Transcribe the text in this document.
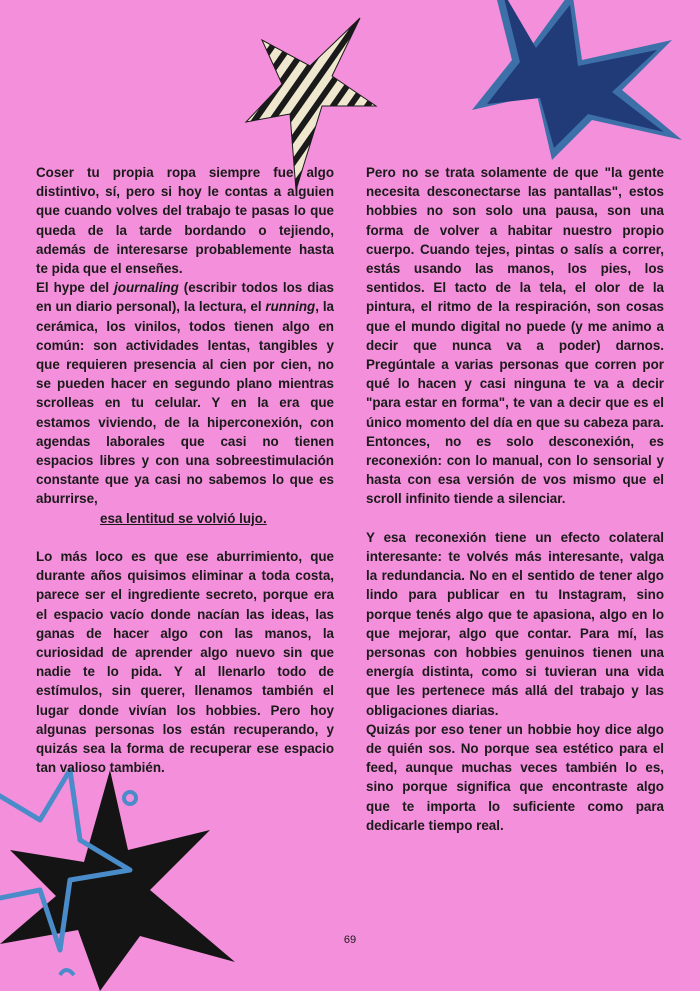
Coser tu propia ropa siempre fue algo distintivo, sí, pero si hoy le contas a alguien que cuando volves del trabajo te pasas lo que queda de la tarde bordando o tejiendo, además de interesarse probablemente hasta te pida que el enseñes.

El hype del journaling (escribir todos los dias en un diario personal), la lectura, el running, la cerámica, los vinilos, todos tienen algo en común: son actividades lentas, tangibles y que requieren presencia al cien por cien, no se pueden hacer en segundo plano mientras scrolleas en tu celular. Y en la era que estamos viviendo, de la hiperconexión, con agendas laborales que casi no tienen espacios libres y con una sobreestimulación constante que ya casi no sabemos lo que es aburrirse,

esa lentitud se volvió lujo.

Lo más loco es que ese aburrimiento, que durante años quisimos eliminar a toda costa, parece ser el ingrediente secreto, porque era el espacio vacío donde nacían las ideas, las ganas de hacer algo con las manos, la curiosidad de aprender algo nuevo sin que nadie te lo pida. Y al llenarlo todo de estímulos, sin querer, llenamos también el lugar donde vivían los hobbies. Pero hoy algunas personas los están recuperando, y quizás sea la forma de recuperar ese espacio tan valioso también.

Pero no se trata solamente de que "la gente necesita desconectarse las pantallas", estos hobbies no son solo una pausa, son una forma de volver a habitar nuestro propio cuerpo. Cuando tejes, pintas o salís a correr, estás usando las manos, los pies, los sentidos. El tacto de la tela, el olor de la pintura, el ritmo de la respiración, son cosas que el mundo digital no puede (y me animo a decir que nunca va a poder) darnos. Pregúntale a varias personas que corren por qué lo hacen y casi ninguna te va a decir "para estar en forma", te van a decir que es el único momento del día en que su cabeza para. Entonces, no es solo desconexión, es reconexión: con lo manual, con lo sensorial y hasta con esa versión de vos mismo que el scroll infinito tiende a silenciar.

Y esa reconexión tiene un efecto colateral interesante: te volvés más interesante, valga la redundancia. No en el sentido de tener algo lindo para publicar en tu Instagram, sino porque tenés algo que te apasiona, algo en lo que mejorar, algo que contar. Para mí, las personas con hobbies genuinos tienen una energía distinta, como si tuvieran una vida que les pertenece más allá del trabajo y las obligaciones diarias.

Quizás por eso tener un hobbie hoy dice algo de quién sos. No porque sea estético para el feed, aunque muchas veces también lo es, sino porque significa que encontraste algo que te importa lo suficiente como para dedicarle tiempo real.

69
